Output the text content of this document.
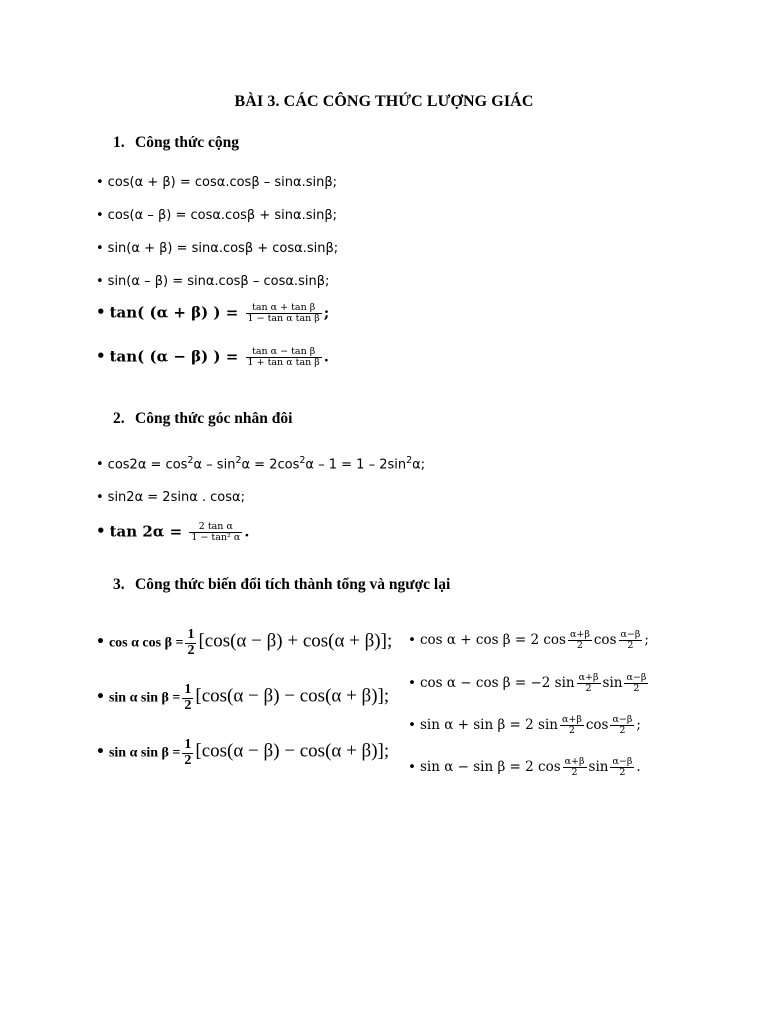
BÀI 3. CÁC CÔNG THỨC LƯỢNG GIÁC
1. Công thức cộng
• cos(α + β) = cosα.cosβ – sinα.sinβ;
• cos(α – β) = cosα.cosβ + sinα.sinβ;
• sin(α + β) = sinα.cosβ + cosα.sinβ;
• sin(α – β) = sinα.cosβ – cosα.sinβ;
• tan( (α + β) ) = $\frac{\text{tan α + tan β}}{\text{1 − tan α tan β}}$ ;
• tan( (α − β) ) = $\frac{\text{tan α − tan β}}{\text{1 + tan α tan β}}$ .
2. Công thức góc nhân đôi
• $\cos 2\alpha = \cos^2\alpha - \sin^2\alpha = 2\cos^2\alpha - 1 = 1 - 2\sin^2\alpha$;
• sin2α = 2sinα . cosα;
• $\tan 2\alpha = \frac{\text{2 tan α}}{\text{1 − tan² α}}$ .
3. Công thức biến đổi tích thành tổng và ngược lại
• cos α $\cos \beta = \frac{1}{2} [\cos(\alpha - \beta) + \cos(\alpha + \beta)]$;
• sin α $\sin \beta = \frac{1}{2} [\cos(\alpha - \beta) - \cos(\alpha + \beta)]$;
• sin α $\sin \beta = \frac{1}{2} [\cos(\alpha - \beta) - \cos(\alpha + \beta)]$;
• cos α + cos β = 2 $\cos \frac{\alpha+\beta}{2}$ $\cos \frac{\alpha-\beta}{2}$ ;
• cos α − cos β = −2 $\sin \frac{\alpha+\beta}{2}$ $\sin \frac{\alpha-\beta}{2}$
• sin α + sin β = 2 $\sin \frac{\alpha+\beta}{2}$ $\cos \frac{\alpha-\beta}{2}$ ;
• sin α − sin β = 2 $\cos \frac{\alpha+\beta}{2}$ $\sin \frac{\alpha-\beta}{2}$ .
